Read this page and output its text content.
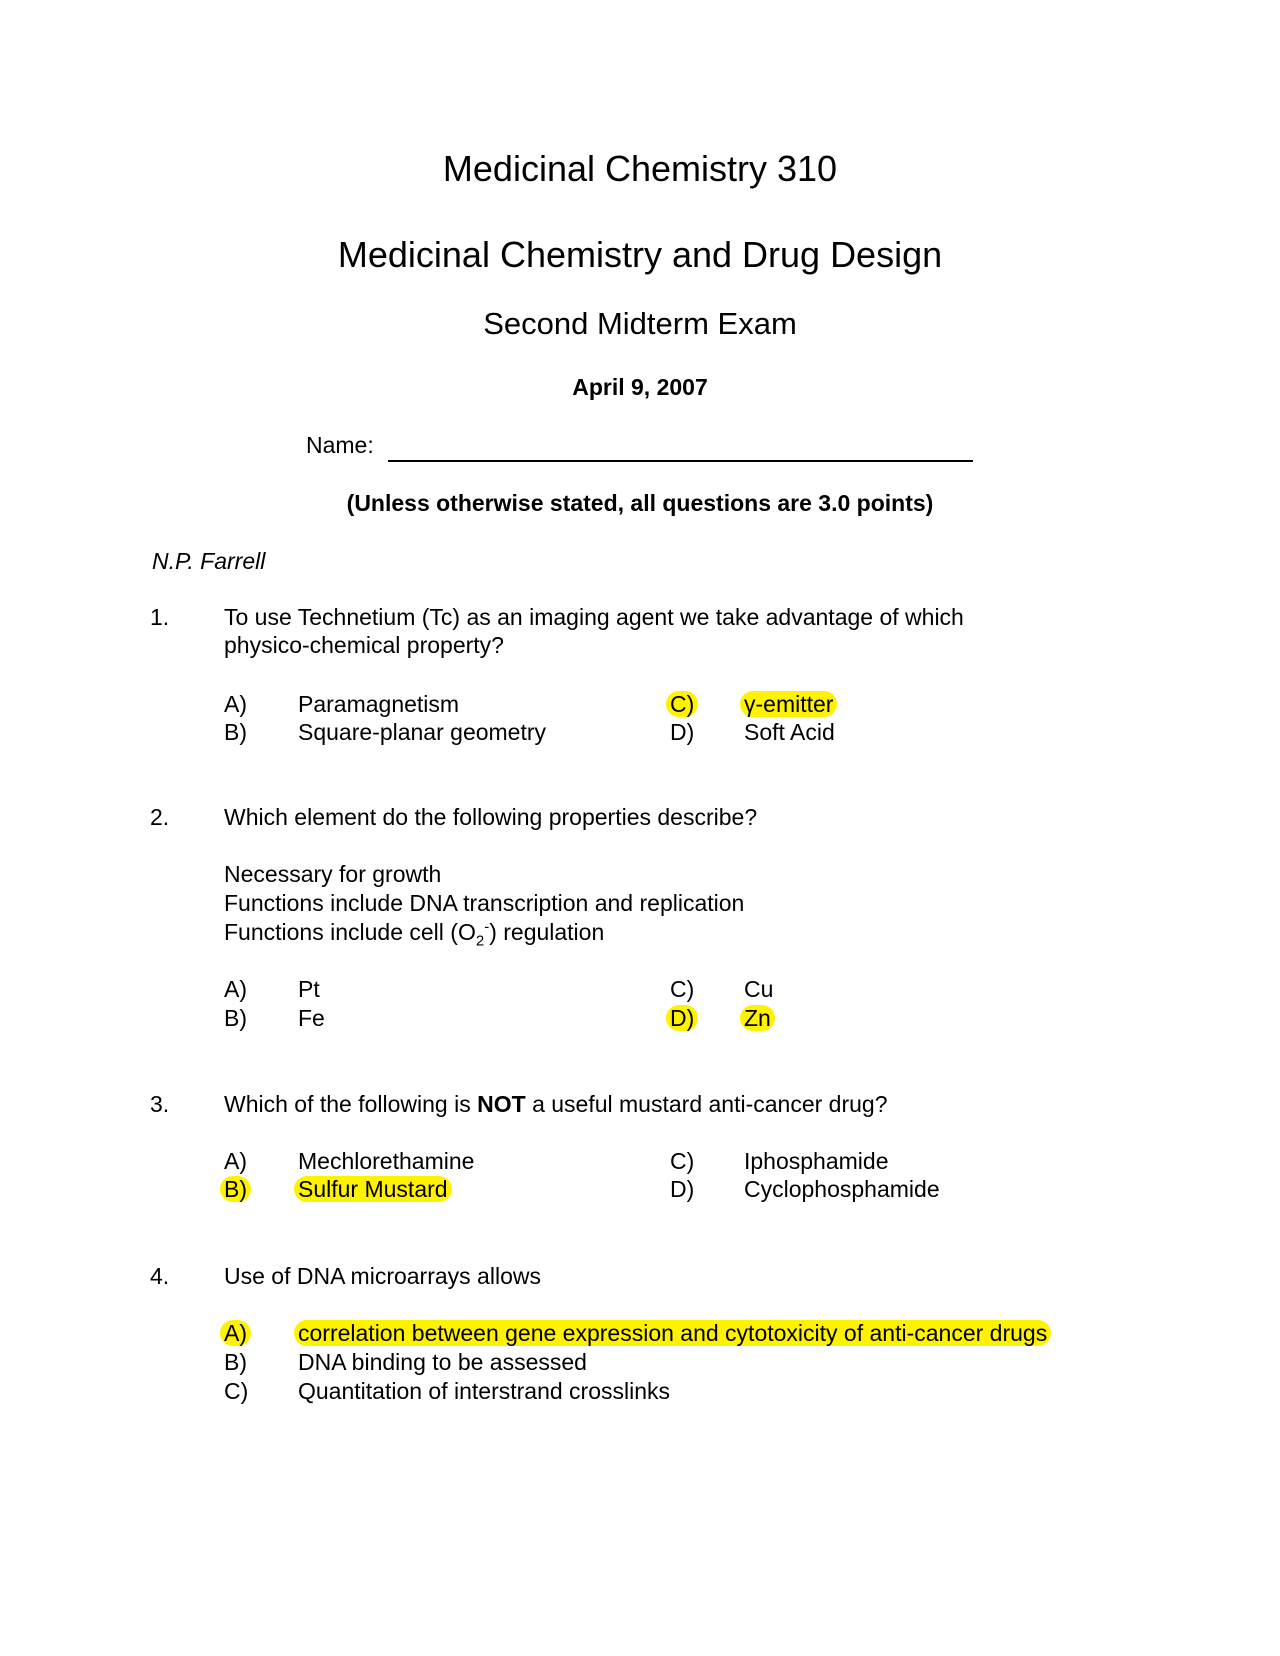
Medicinal Chemistry 310
Medicinal Chemistry and Drug Design
Second Midterm Exam
April 9, 2007
Name:
(Unless otherwise stated, all questions are 3.0 points)
N.P. Farrell
1. To use Technetium (Tc) as an imaging agent we take advantage of which
physico-chemical property?
A) Paramagnetism
B) Square-planar geometry
C) γ-emitter
D) Soft Acid
2. Which element do the following properties describe?
Necessary for growth
Functions include DNA transcription and replication
Functions include cell $(O_2^-)$ regulation
A) Pt
B) Fe
C) Cu
D) Zn
3. Which of the following is NOT a useful mustard anti-cancer drug?
A) Mechlorethamine
B) Sulfur Mustard
C) Iphosphamide
D) Cyclophosphamide
4. Use of DNA microarrays allows
A) correlation between gene expression and cytotoxicity of anti-cancer drugs
B) DNA binding to be assessed
C) Quantitation of interstrand crosslinks
